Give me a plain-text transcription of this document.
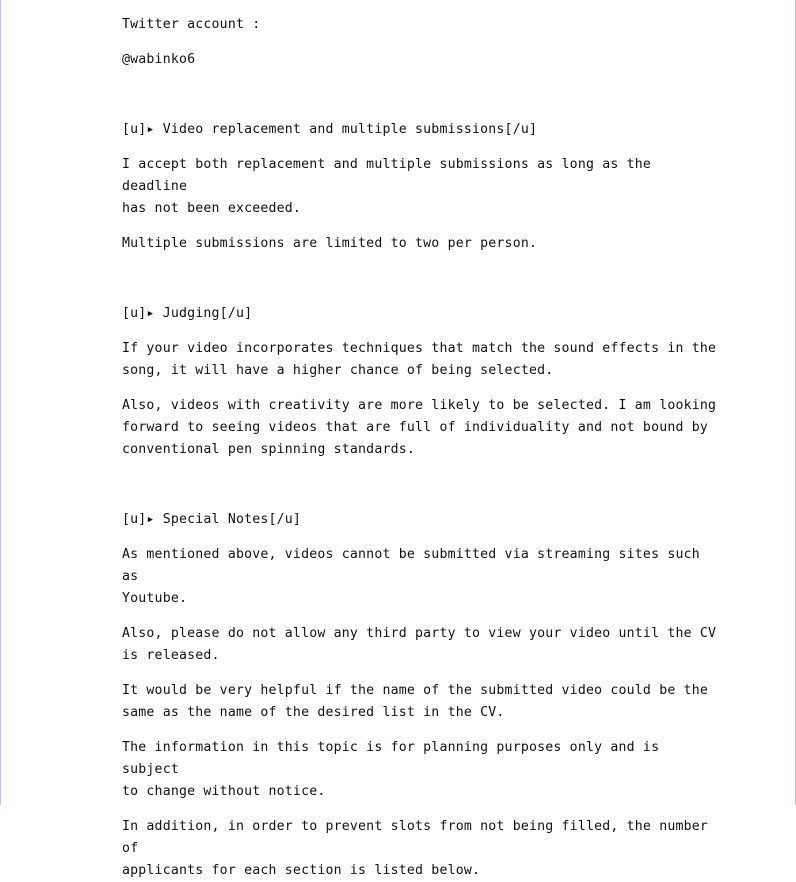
Twitter account :

@wabinko6

[u]▸ Video replacement and multiple submissions[/u]

I accept both replacement and multiple submissions as long as the deadline
has not been exceeded.

Multiple submissions are limited to two per person.

[u]▸ Judging[/u]

If your video incorporates techniques that match the sound effects in the
song, it will have a higher chance of being selected.

Also, videos with creativity are more likely to be selected. I am looking
forward to seeing videos that are full of individuality and not bound by
conventional pen spinning standards.

[u]▸ Special Notes[/u]

As mentioned above, videos cannot be submitted via streaming sites such as
Youtube.

Also, please do not allow any third party to view your video until the CV
is released.

It would be very helpful if the name of the submitted video could be the
same as the name of the desired list in the CV.

The information in this topic is for planning purposes only and is subject
to change without notice.

In addition, in order to prevent slots from not being filled, the number of
applicants for each section is listed below.
